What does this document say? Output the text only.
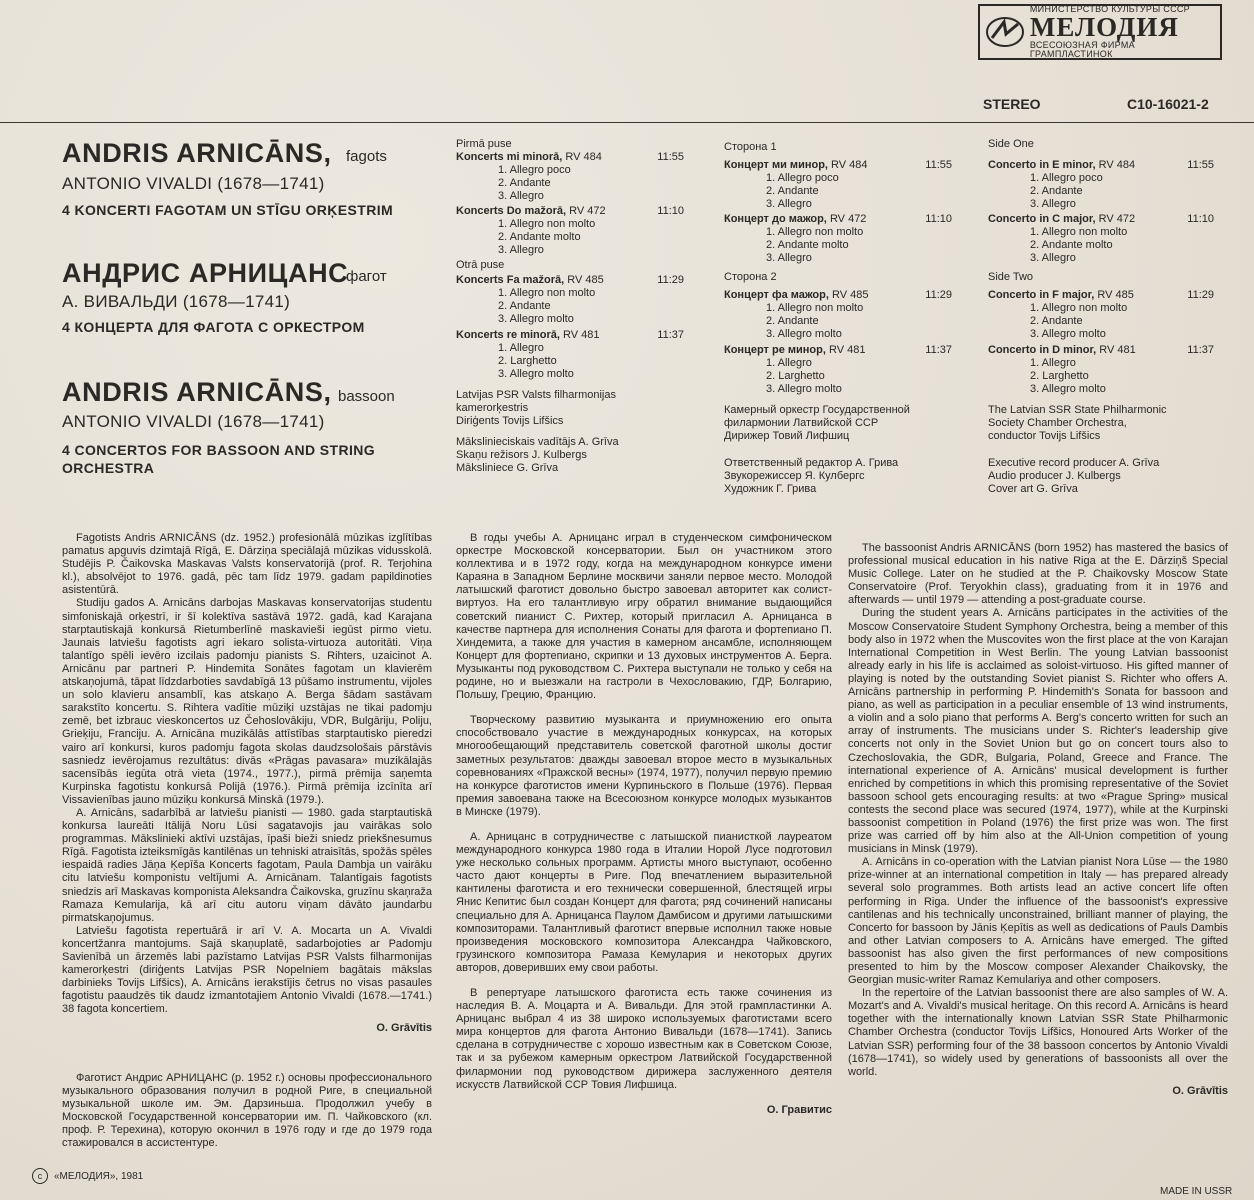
МИНИСТЕРСТВО КУЛЬТУРЫ СССР
МЕЛОДИЯ
ВСЕСОЮЗНАЯ ФИРМА ГРАМПЛАСТИНОК
STEREO	C10-16021-2
ANDRIS ARNICĀNS, fagots
ANTONIO VIVALDI (1678—1741)
4 KONCERTI FAGOTAM UN STĪGU ORĶESTRIM
АНДРИС АРНИЦАНС
фагот
А. ВИВАЛЬДИ (1678—1741)
4 КОНЦЕРТА ДЛЯ ФАГОТА С ОРКЕСТРОМ
ANDRIS ARNICĀNS, bassoon
ANTONIO VIVALDI (1678—1741)
4 CONCERTOS FOR BASSOON AND STRING
ORCHESTRA
Pirmā puse
Koncerts mi minorā, RV 484	11:55
1. Allegro poco
2. Andante
3. Allegro
Koncerts Do mažorā, RV 472	11:10
1. Allegro non molto
2. Andante molto
3. Allegro
Otrā puse
Koncerts Fa mažorā, RV 485	11:29
1. Allegro non molto
2. Andante
3. Allegro molto
Koncerts re minorā, RV 481	11:37
1. Allegro
2. Larghetto
3. Allegro molto
Latvijas PSR Valsts filharmonijas
kamerorķestris
Diriģents Tovijs Lifšics
Mākslinieciskais vadītājs A. Grīva
Skaņu režisors J. Kulbergs
Māksliniece G. Grīva
Сторона 1
Концерт ми минор, RV 484	11:55
1. Allegro poco
2. Andante
3. Allegro
Концерт до мажор, RV 472	11:10
1. Allegro non molto
2. Andante molto
3. Allegro
Сторона 2
Концерт фа мажор, RV 485	11:29
1. Allegro non molto
2. Andante
3. Allegro molto
Концерт ре минор, RV 481	11:37
1. Allegro
2. Larghetto
3. Allegro molto
Камерный оркестр Государственной
филармонии Латвийской ССР
Дирижер Товий Лифшиц
Ответственный редактор А. Грива
Звукорежиссер Я. Кулбергс
Художник Г. Грива
Side One
Concerto in E minor, RV 484	11:55
1. Allegro poco
2. Andante
3. Allegro
Concerto in C major, RV 472	11:10
1. Allegro non molto
2. Andante molto
3. Allegro
Side Two
Concerto in F major, RV 485	11:29
1. Allegro non molto
2. Andante
3. Allegro molto
Concerto in D minor, RV 481	11:37
1. Allegro
2. Larghetto
3. Allegro molto
The Latvian SSR State Philharmonic
Society Chamber Orchestra,
conductor Tovijs Lifšics
Executive record producer A. Grīva
Audio producer J. Kulbergs
Cover art G. Grīva

Fagotists Andris ARNICĀNS (dz. 1952.) profesionālā mūzikas izglītības pamatus apguvis dzimtajā Rīgā, E. Dārziņa speciālajā mūzikas vidusskolā. Studējis P. Čaikovska Maskavas Valsts konservatorijā (prof. R. Terjohina kl.), absolvējot to 1976. gadā, pēc tam līdz 1979. gadam papildinoties asistentūrā.

Studiju gados A. Arnicāns darbojas Maskavas konservatorijas studentu simfoniskajā orķestrī, ir šī kolektīva sastāvā 1972. gadā, kad Karajana starptautiskajā konkursā Rietumberlīnē maskavieši iegūst pirmo vietu. Jaunais latviešu fagotists agri iekaro solista-virtuoza autoritāti. Viņa talantīgo spēli ievēro izcilais padomju pianists S. Rihters, uzaicinot A. Arnicānu par partneri P. Hindemita Sonātes fagotam un klavierēm atskaņojumā, tāpat līdzdarboties savdabīgā 13 pūšamo instrumentu, vijoles un solo klavieru ansamblī, kas atskaņo A. Berga šādam sastāvam sarakstīto koncertu. S. Rihtera vadītie mūziķi uzstājas ne tikai padomju zemē, bet izbrauc vieskoncertos uz Čehoslovākiju, VDR, Bulgāriju, Poliju, Grieķiju, Franciju. A. Arnicāna muzikālās attīstības starptautisko pieredzi vairo arī konkursi, kuros padomju fagota skolas daudzsološais pārstāvis sasniedz ievērojamus rezultātus: divās «Prāgas pavasara» muzikālajās sacensībās iegūta otrā vieta (1974., 1977.), pirmā prēmija saņemta Kurpinska fagotistu konkursā Polijā (1976.). Pirmā prēmija izcīnīta arī Vissavienības jauno mūziķu konkursā Minskā (1979.).

A. Arnicāns, sadarbībā ar latviešu pianisti — 1980. gada starptautiskā konkursa laureāti Itālijā Noru Lūsi sagatavojis jau vairākas solo programmas. Mākslinieki aktīvi uzstājas, īpaši bieži sniedz priekšnesumus Rīgā. Fagotista izteiksmīgās kantilēnas un tehniski atraisītās, spožās spēles iespaidā radies Jāņa Ķepīša Koncerts fagotam, Paula Dambja un vairāku citu latviešu komponistu veltījumi A. Arnicānam. Talantīgais fagotists sniedzis arī Maskavas komponista Aleksandra Čaikovska, gruzīnu skaņraža Ramaza Kemularija, kā arī citu autoru viņam dāvāto jaundarbu pirmatskaņojumus.

Latviešu fagotista repertuārā ir arī V. A. Mocarta un A. Vivaldi koncertžanra mantojums. Sajā skaņuplatē, sadarbojoties ar Padomju Savienībā un ārzemēs labi pazīstamo Latvijas PSR Valsts filharmonijas kamerorķestri (diriģents Latvijas PSR Nopelniem bagātais mākslas darbinieks Tovijs Lifšics), A. Arnicāns ierakstījis četrus no visas pasaules fagotistu paaudzēs tik daudz izmantotajiem Antonio Vivaldi (1678.—1741.) 38 fagota koncertiem.

O. Grāvītis

Фаготист Андрис АРНИЦАНС (р. 1952 г.) основы профессионального музыкального образования получил в родной Риге, в специальной музыкальной школе им. Эм. Дарзиньша. Продолжил учебу в Московской Государственной консерватории им. П. Чайковского (кл. проф. Р. Терехина), которую окончил в 1976 году и где до 1979 года стажировался в ассистентуре.

В годы учебы А. Арницанс играл в студенческом симфоническом оркестре Московской консерватории. Был он участником этого коллектива и в 1972 году, когда на международном конкурсе имени Караяна в Западном Берлине москвичи заняли первое место. Молодой латышский фаготист довольно быстро завоевал авторитет как солист-виртуоз. На его талантливую игру обратил внимание выдающийся советский пианист С. Рихтер, который пригласил А. Арницанса в качестве партнера для исполнения Сонаты для фагота и фортепиано П. Хиндемита, а также для участия в камерном ансамбле, исполняющем Концерт для фортепиано, скрипки и 13 духовых инструментов А. Берга. Музыканты под руководством С. Рихтера выступали не только у себя на родине, но и выезжали на гастроли в Чехословакию, ГДР, Болгарию, Польшу, Грецию, Францию.

Творческому развитию музыканта и приумножению его опыта способствовало участие в международных конкурсах, на которых многообещающий представитель советской фаготной школы достиг заметных результатов: дважды завоевал второе место в музыкальных соревнованиях «Пражской весны» (1974, 1977), получил первую премию на конкурсе фаготистов имени Курпиньского в Польше (1976). Первая премия завоевана также на Всесоюзном конкурсе молодых музыкантов в Минске (1979).

А. Арницанс в сотрудничестве с латышской пианисткой лауреатом международного конкурса 1980 года в Италии Норой Лусе подготовил уже несколько сольных программ. Артисты много выступают, особенно часто дают концерты в Риге. Под впечатлением выразительной кантилены фаготиста и его технически совершенной, блестящей игры Янис Кепитис был создан Концерт для фагота; ряд сочинений написаны специально для А. Арницанса Паулом Дамбисом и другими латышскими композиторами. Талантливый фаготист впервые исполнил также новые произведения московского композитора Александра Чайковского, грузинского композитора Рамаза Кемулария и некоторых других авторов, доверивших ему свои работы.

В репертуаре латышского фаготиста есть также сочинения из наследия В. А. Моцарта и А. Вивальди. Для этой грампластинки А. Арницанс выбрал 4 из 38 широко используемых фаготистами всего мира концертов для фагота Антонио Вивальди (1678—1741). Запись сделана в сотрудничестве с хорошо известным как в Советском Союзе, так и за рубежом камерным оркестром Латвийской Государственной филармонии под руководством дирижера заслуженного деятеля искусств Латвийской ССР Товия Лифшица.

О. Гравитис

The bassoonist Andris ARNICĀNS (born 1952) has mastered the basics of professional musical education in his native Riga at the E. Dārziņš Special Music College. Later on he studied at the P. Chaikovsky Moscow State Conservatoire (Prof. Teryokhin class), graduating from it in 1976 and afterwards — until 1979 — attending a post-graduate course.

During the student years A. Arnicāns participates in the activities of the Moscow Conservatoire Student Symphony Orchestra, being a member of this body also in 1972 when the Muscovites won the first place at the von Karajan International Competition in West Berlin. The young Latvian bassoonist already early in his life is acclaimed as soloist-virtuoso. His gifted manner of playing is noted by the outstanding Soviet pianist S. Richter who offers A. Arnicāns partnership in performing P. Hindemith's Sonata for bassoon and piano, as well as participation in a peculiar ensemble of 13 wind instruments, a violin and a solo piano that performs A. Berg's concerto written for such an array of instruments. The musicians under S. Richter's leadership give concerts not only in the Soviet Union but go on concert tours also to Czechoslovakia, the GDR, Bulgaria, Poland, Greece and France. The international experience of A. Arnicāns' musical development is further enriched by competitions in which this promising representative of the Soviet bassoon school gets encouraging results: at two «Prague Spring» musical contests the second place was secured (1974, 1977), while at the Kurpinski bassoonist competition in Poland (1976) the first prize was won. The first prize was carried off by him also at the All-Union competition of young musicians in Minsk (1979).

A. Arnicāns in co-operation with the Latvian pianist Nora Lūse — the 1980 prize-winner at an international competition in Italy — has prepared already several solo programmes. Both artists lead an active concert life often performing in Riga. Under the influence of the bassoonist's expressive cantilenas and his technically unconstrained, brilliant manner of playing, the Concerto for bassoon by Jānis Ķepītis as well as dedications of Pauls Dambis and other Latvian composers to A. Arnicāns have emerged. The gifted bassoonist has also given the first performances of new compositions presented to him by the Moscow composer Alexander Chaikovsky, the Georgian music-writer Ramaz Kemulariya and other composers.

In the repertoire of the Latvian bassoonist there are also samples of W. A. Mozart's and A. Vivaldi's musical heritage. On this record A. Arnicāns is heard together with the internationally known Latvian SSR State Philharmonic Chamber Orchestra (conductor Tovijs Lifšics, Honoured Arts Worker of the Latvian SSR) performing four of the 38 bassoon concertos by Antonio Vivaldi (1678—1741), so widely used by generations of bassoonists all over the world.

O. Grāvītis
c	«МЕЛОДИЯ», 1981
MADE IN USSR
